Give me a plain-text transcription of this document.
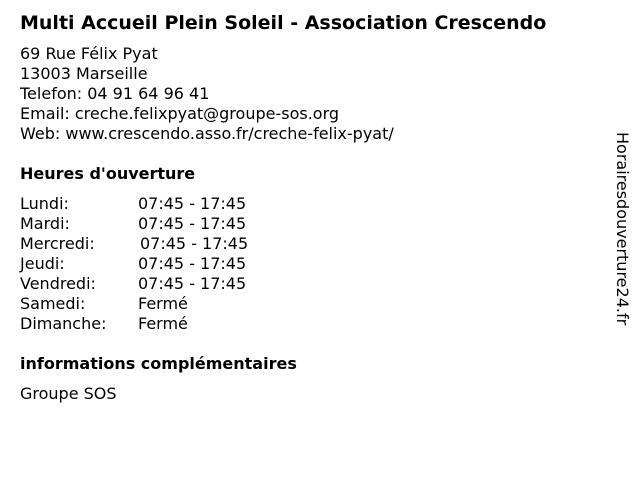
Multi Accueil Plein Soleil - Association Crescendo
69 Rue Félix Pyat
13003 Marseille
Telefon: 04 91 64 96 41
Email: creche.felixpyat@groupe-sos.org
Web: www.crescendo.asso.fr/creche-felix-pyat/
Heures d'ouverture
Lundi:	07:45 - 17:45
Mardi:	07:45 - 17:45
Mercredi:	07:45 - 17:45
Jeudi:	07:45 - 17:45
Vendredi:	07:45 - 17:45
Samedi:	Fermé
Dimanche: Fermé
informations complémentaires
Groupe SOS
Horairesdouverture24.fr
